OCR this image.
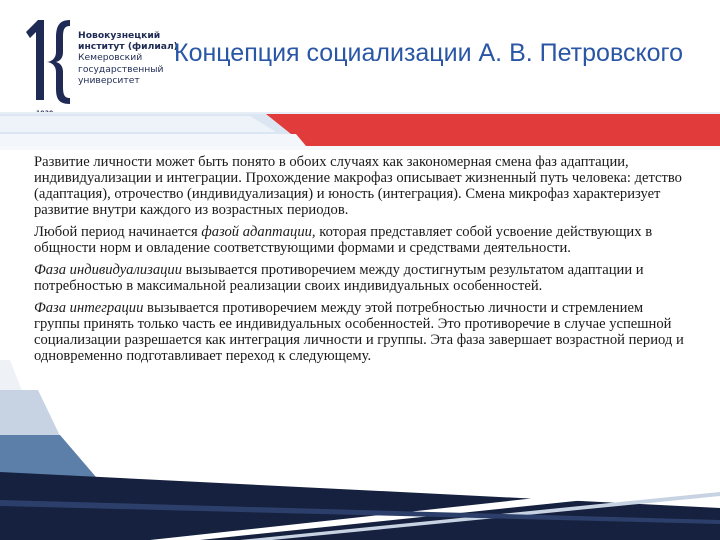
Новокузнецкий
институт (филиал)
Кемеровский
государственный
университет
Концепция социализации А. В. Петровского

Развитие личности может быть понято в обоих случаях как закономерная смена фаз адаптации, индивидуализации и интеграции. Прохождение макрофаз описывает жизненный путь человека: детство (адаптация), отрочество (индивидуализация) и юность (интеграция). Смена микрофаз характеризует развитие внутри каждого из возрастных периодов.

Любой период начинается фазой адаптации, которая представляет собой усвоение действующих в общности норм и овладение соответствующими формами и средствами деятельности.

Фаза индивидуализации вызывается противоречием между достигнутым результатом адаптации и потребностью в максимальной реализации своих индивидуальных особенностей.

Фаза интеграции вызывается противоречием между этой потребностью личности и стремлением группы принять только часть ее индивидуальных особенностей. Это противоречие в случае успешной социализации разрешается как интеграция личности и группы. Эта фаза завершает возрастной период и одновременно подготавливает переход к следующему.
